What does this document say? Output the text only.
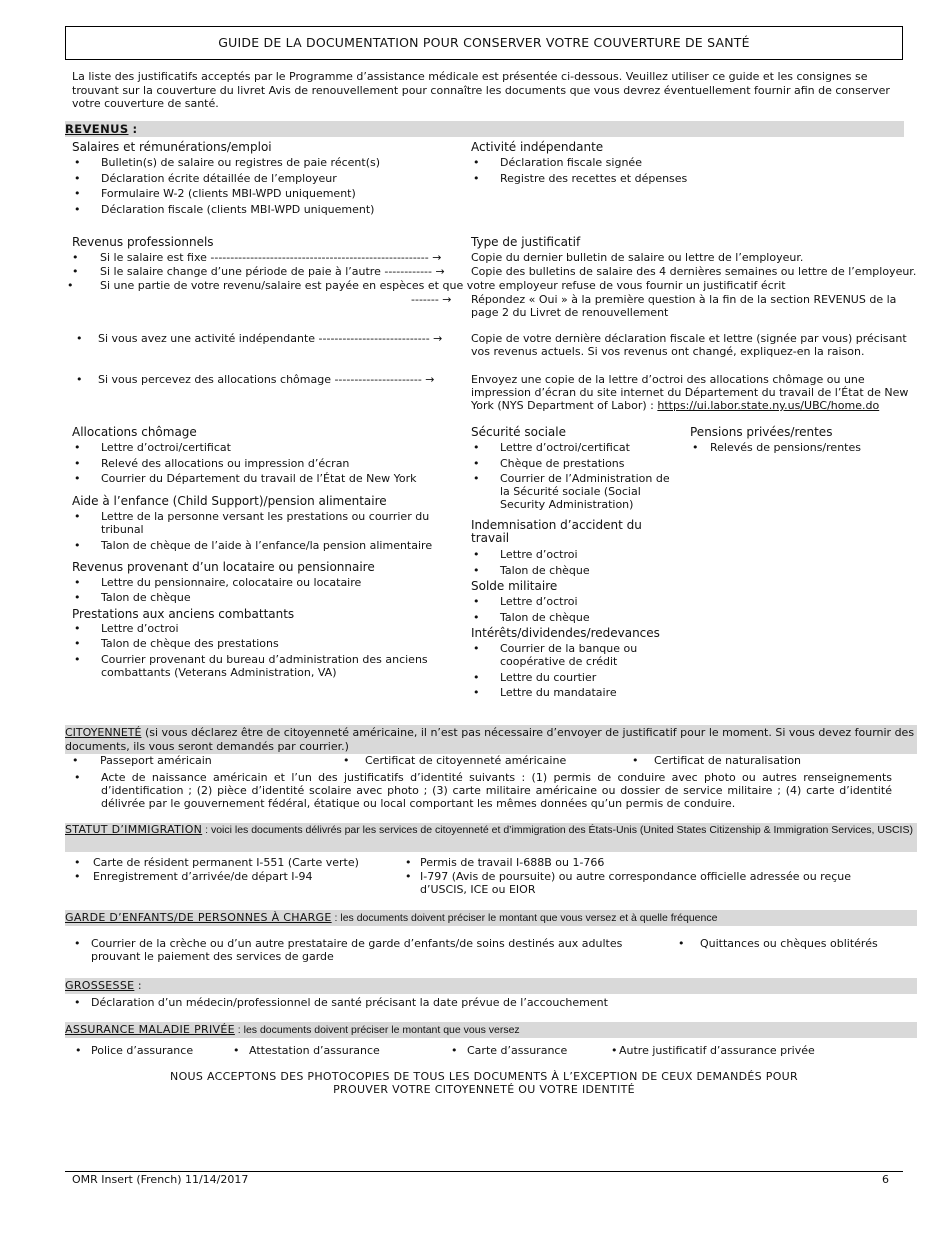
GUIDE DE LA DOCUMENTATION POUR CONSERVER VOTRE COUVERTURE DE SANTÉ
La liste des justificatifs acceptés par le Programme d’assistance médicale est présentée ci-dessous. Veuillez utiliser ce guide et les consignes se trouvant sur la couverture du livret Avis de renouvellement pour connaître les documents que vous devrez éventuellement fournir afin de conserver votre couverture de santé.
REVENUS :
Salaires et rémunérations/emploi
• Bulletin(s) de salaire ou registres de paie récent(s)
• Déclaration écrite détaillée de l’employeur
• Formulaire W-2 (clients MBI-WPD uniquement)
• Déclaration fiscale (clients MBI-WPD uniquement)
Activité indépendante
• Déclaration fiscale signée
• Registre des recettes et dépenses
Revenus professionnels	Type de justificatif
• Si le salaire est fixe ------------------------------------------------------- →	Copie du dernier bulletin de salaire ou lettre de l’employeur.
• Si le salaire change d’une période de paie à l’autre ------------ → Copie des bulletins de salaire des 4 dernières semaines ou lettre de l’employeur.
• Si une partie de votre revenu/salaire est payée en espèces et que votre employeur refuse de vous fournir un justificatif écrit
------- → Répondez « Oui » à la première question à la fin de la section REVENUS de la page 2 du Livret de renouvellement
• Si vous avez une activité indépendante ---------------------------- →	Copie de votre dernière déclaration fiscale et lettre (signée par vous) précisant vos revenus actuels. Si vos revenus ont changé, expliquez-en la raison.
• Si vous percevez des allocations chômage ---------------------- →	Envoyez une copie de la lettre d’octroi des allocations chômage ou une impression d’écran du site internet du Département du travail de l’État de New York (NYS Department of Labor) : https://ui.labor.state.ny.us/UBC/home.do
Allocations chômage
• Lettre d’octroi/certificat
• Relevé des allocations ou impression d’écran
• Courrier du Département du travail de l’État de New York
Aide à l’enfance (Child Support)/pension alimentaire
• Lettre de la personne versant les prestations ou courrier du tribunal
• Talon de chèque de l’aide à l’enfance/la pension alimentaire
Revenus provenant d’un locataire ou pensionnaire
• Lettre du pensionnaire, colocataire ou locataire
• Talon de chèque
Prestations aux anciens combattants
• Lettre d’octroi
• Talon de chèque des prestations
• Courrier provenant du bureau d’administration des anciens combattants (Veterans Administration, VA)
Sécurité sociale
• Lettre d’octroi/certificat
• Chèque de prestations
• Courrier de l’Administration de la Sécurité sociale (Social Security Administration)
Indemnisation d’accident du travail
• Lettre d’octroi
• Talon de chèque
Solde militaire
• Lettre d’octroi
• Talon de chèque
Intérêts/dividendes/redevances
• Courrier de la banque ou coopérative de crédit
• Lettre du courtier
• Lettre du mandataire
Pensions privées/rentes
• Relevés de pensions/rentes
CITOYENNETÉ (si vous déclarez être de citoyenneté américaine, il n’est pas nécessaire d’envoyer de justificatif pour le moment. Si vous devez fournir des documents, ils vous seront demandés par courrier.)
• Passeport américain	• Certificat de citoyenneté américaine	• Certificat de naturalisation
• Acte de naissance américain et l’un des justificatifs d’identité suivants : (1) permis de conduire avec photo ou autres renseignements d’identification ; (2) pièce d’identité scolaire avec photo ; (3) carte militaire américaine ou dossier de service militaire ; (4) carte d’identité délivrée par le gouvernement fédéral, étatique ou local comportant les mêmes données qu’un permis de conduire.
STATUT D’IMMIGRATION : voici les documents délivrés par les services de citoyenneté et d’immigration des États-Unis (United States Citizenship & Immigration Services, USCIS)
• Carte de résident permanent I-551 (Carte verte)
• Enregistrement d’arrivée/de départ I-94
• Permis de travail I-688B ou 1-766
• I-797 (Avis de poursuite) ou autre correspondance officielle adressée ou reçue d’USCIS, ICE ou EIOR
GARDE D’ENFANTS/DE PERSONNES À CHARGE : les documents doivent préciser le montant que vous versez et à quelle fréquence
• Courrier de la crèche ou d’un autre prestataire de garde d’enfants/de soins destinés aux adultes prouvant le paiement des services de garde
• Quittances ou chèques oblitérés
GROSSESSE :
• Déclaration d’un médecin/professionnel de santé précisant la date prévue de l’accouchement
ASSURANCE MALADIE PRIVÉE : les documents doivent préciser le montant que vous versez
• Police d’assurance	• Attestation d’assurance	• Carte d’assurance	• Autre justificatif d’assurance privée
NOUS ACCEPTONS DES PHOTOCOPIES DE TOUS LES DOCUMENTS À L’EXCEPTION DE CEUX DEMANDÉS POUR
PROUVER VOTRE CITOYENNETÉ OU VOTRE IDENTITÉ
OMR Insert (French) 11/14/2017	6
